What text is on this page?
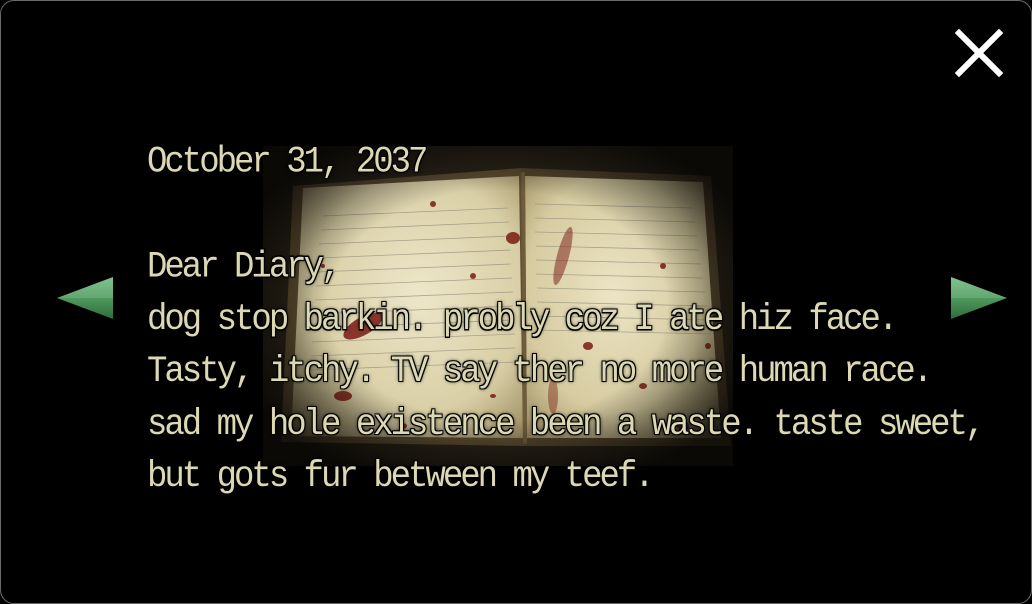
October 31, 2037
Dear Diary,
dog stop barkin. probly coz I ate hiz face.
Tasty, itchy. TV say ther no more human race.
sad my hole existence been a waste. taste sweet,
but gots fur between my teef.
